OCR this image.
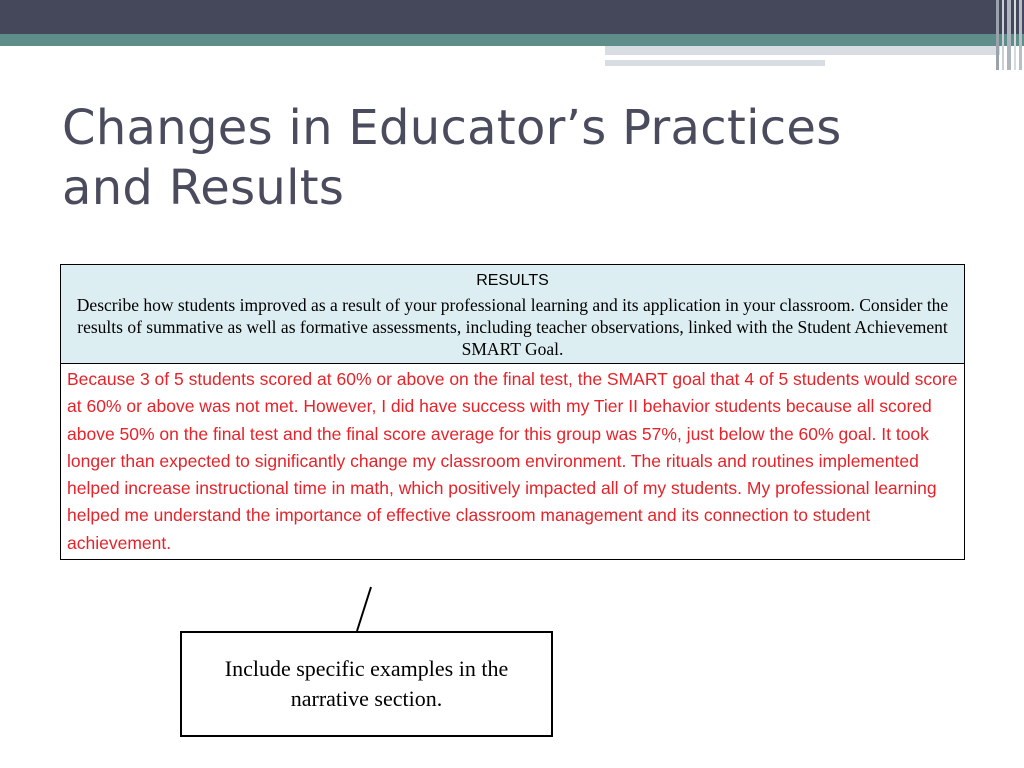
Changes in Educator’s Practices
and Results
RESULTS
Describe how students improved as a result of your professional learning and its application in your classroom. Consider the results of summative as well as formative assessments, including teacher observations, linked with the Student Achievement SMART Goal.
Because 3 of 5 students scored at 60% or above on the final test, the SMART goal that 4 of 5 students would score at 60% or above was not met. However, I did have success with my Tier II behavior students because all scored above 50% on the final test and the final score average for this group was 57%, just below the 60% goal. It took longer than expected to significantly change my classroom environment. The rituals and routines implemented helped increase instructional time in math, which positively impacted all of my students. My professional learning helped me understand the importance of effective classroom management and its connection to student achievement.
Include specific examples in the narrative section.
